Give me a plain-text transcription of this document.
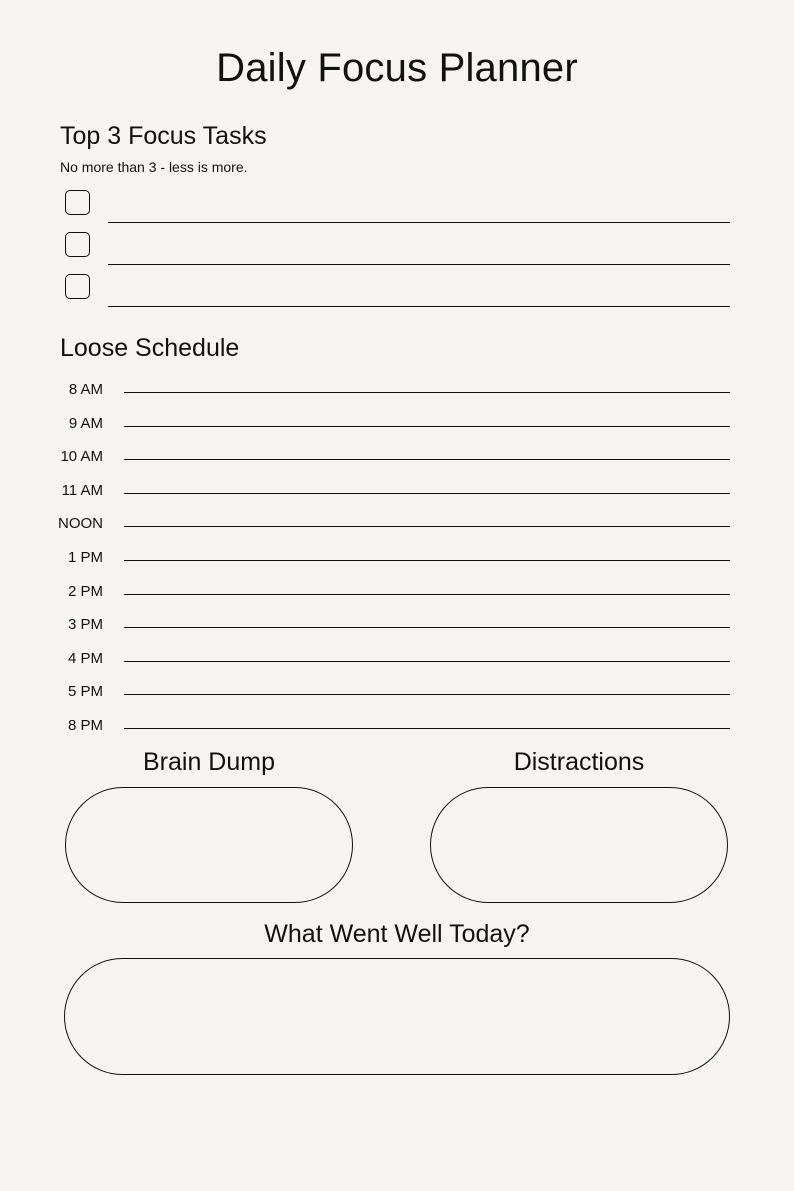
Daily Focus Planner
Top 3 Focus Tasks
No more than 3 - less is more.
Loose Schedule
8 AM
9 AM
10 AM
11 AM
NOON
1 PM
2 PM
3 PM
4 PM
5 PM
8 PM
Brain Dump	Distractions
What Went Well Today?
